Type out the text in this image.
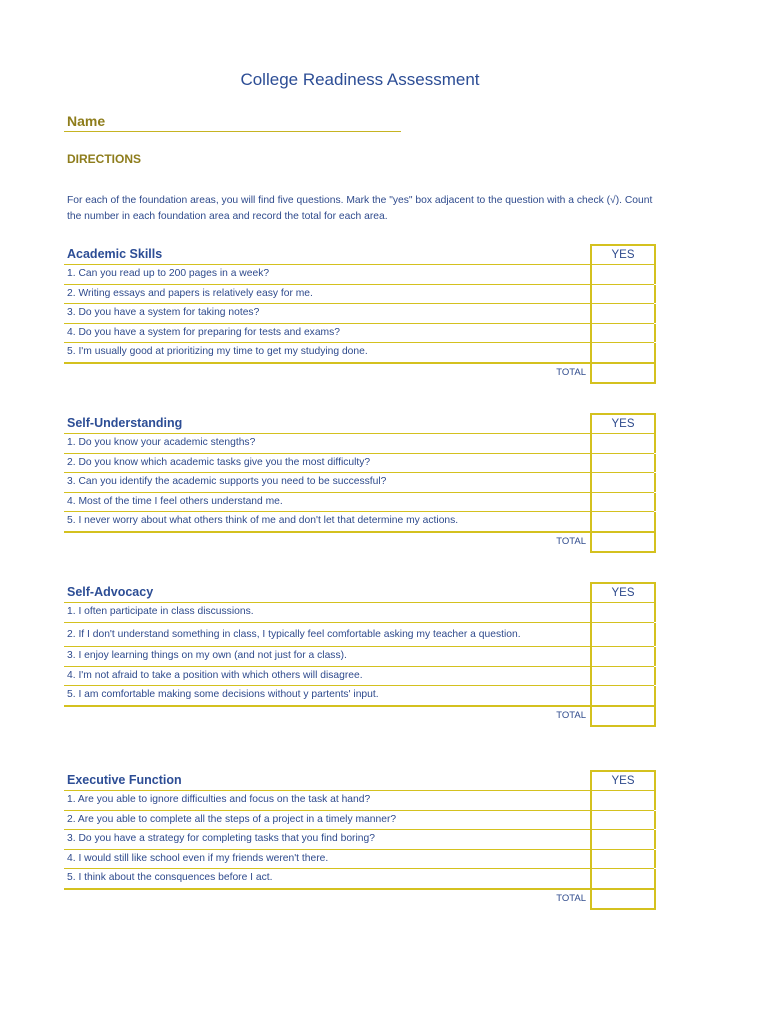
College Readiness Assessment
Name
DIRECTIONS
For each of the foundation areas, you will find five questions. Mark the "yes" box adjacent to the question with a check (√). Count the number in each foundation area and record the total for each area.
Academic Skills	YES
1. Can you read up to 200 pages in a week?
2. Writing essays and papers is relatively easy for me.
3. Do you have a system for taking notes?
4. Do you have a system for preparing for tests and exams?
5. I'm usually good at prioritizing my time to get my studying done.
TOTAL
Self-Understanding	YES
1. Do you know your academic stengths?
2. Do you know which academic tasks give you the most difficulty?
3. Can you identify the academic supports you need to be successful?
4. Most of the time I feel others understand me.
5. I never worry about what others think of me and don't let that determine my actions.
TOTAL
Self-Advocacy	YES
1. I often participate in class discussions.
2. If I don't understand something in class, I typically feel comfortable asking my teacher a question.
3. I enjoy learning things on my own (and not just for a class).
4. I'm not afraid to take a position with which others will disagree.
5. I am comfortable making some decisions without y partents' input.
TOTAL
Executive Function	YES
1. Are you able to ignore difficulties and focus on the task at hand?
2. Are you able to complete all the steps of a project in a timely manner?
3. Do you have a strategy for completing tasks that you find boring?
4. I would still like school even if my friends weren't there.
5. I think about the consquences before I act.
TOTAL
